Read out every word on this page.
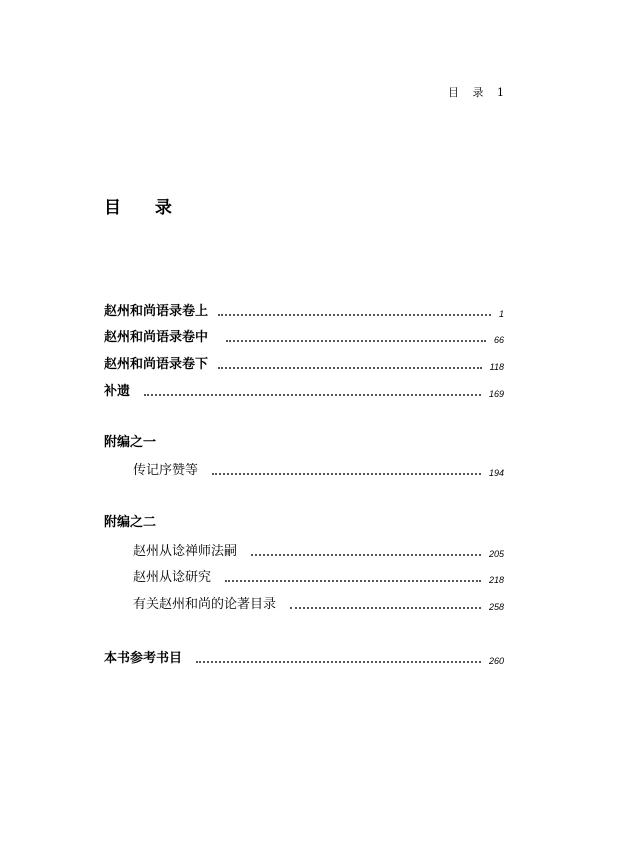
目 录 1
目 录
赵州和尚语录卷上	1
赵州和尚语录卷中	66
赵州和尚语录卷下	118
补遗	169
附编之一
传记序赞等	194
附编之二
赵州从谂禅师法嗣	205
赵州从谂研究	218
有关赵州和尚的论著目录	258
本书参考书目	260
